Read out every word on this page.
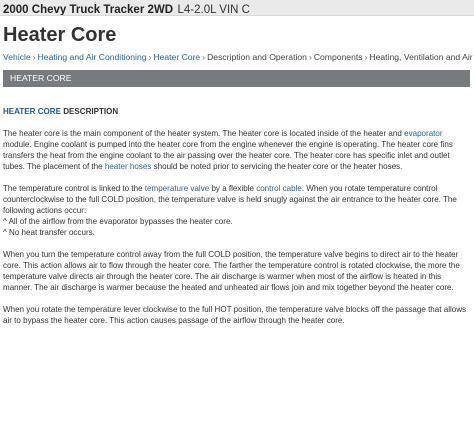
2000 Chevy Truck Tracker 2WD L4-2.0L VIN C
Heater Core
Vehicle › Heating and Air Conditioning › Heater Core › Description and Operation › Components › Heating, Ventilation and Air
HEATER CORE

HEATER CORE DESCRIPTION

The heater core is the main component of the heater system. The heater core is located inside of the heater and evaporator module. Engine coolant is pumped into the heater core from the engine whenever the engine is operating. The heater core fins transfers the heat from the engine coolant to the air passing over the heater core. The heater core has specific inlet and outlet tubes. The placement of the heater hoses should be noted prior to servicing the heater core or the heater hoses.

The temperature control is linked to the temperature valve by a flexible control cable. When you rotate temperature control counterclockwise to the full COLD position, the temperature valve is held snugly against the air entrance to the heater core. The following actions occur:

^ All of the airflow from the evaporator bypasses the heater core.

^ No heat transfer occurs.

When you turn the temperature control away from the full COLD position, the temperature valve begins to direct air to the heater core. This action allows air to flow through the heater core. The farther the temperature control is rotated clockwise, the more the temperature valve directs air through the heater core. The air discharge is warmer when most of the airflow is heated in this manner. The air discharge is warmer because the heated and unheated air flows join and mix together beyond the heater core.

When you rotate the temperature lever clockwise to the full HOT position, the temperature valve blocks off the passage that allows air to bypass the heater core. This action causes passage of the airflow through the heater core.
